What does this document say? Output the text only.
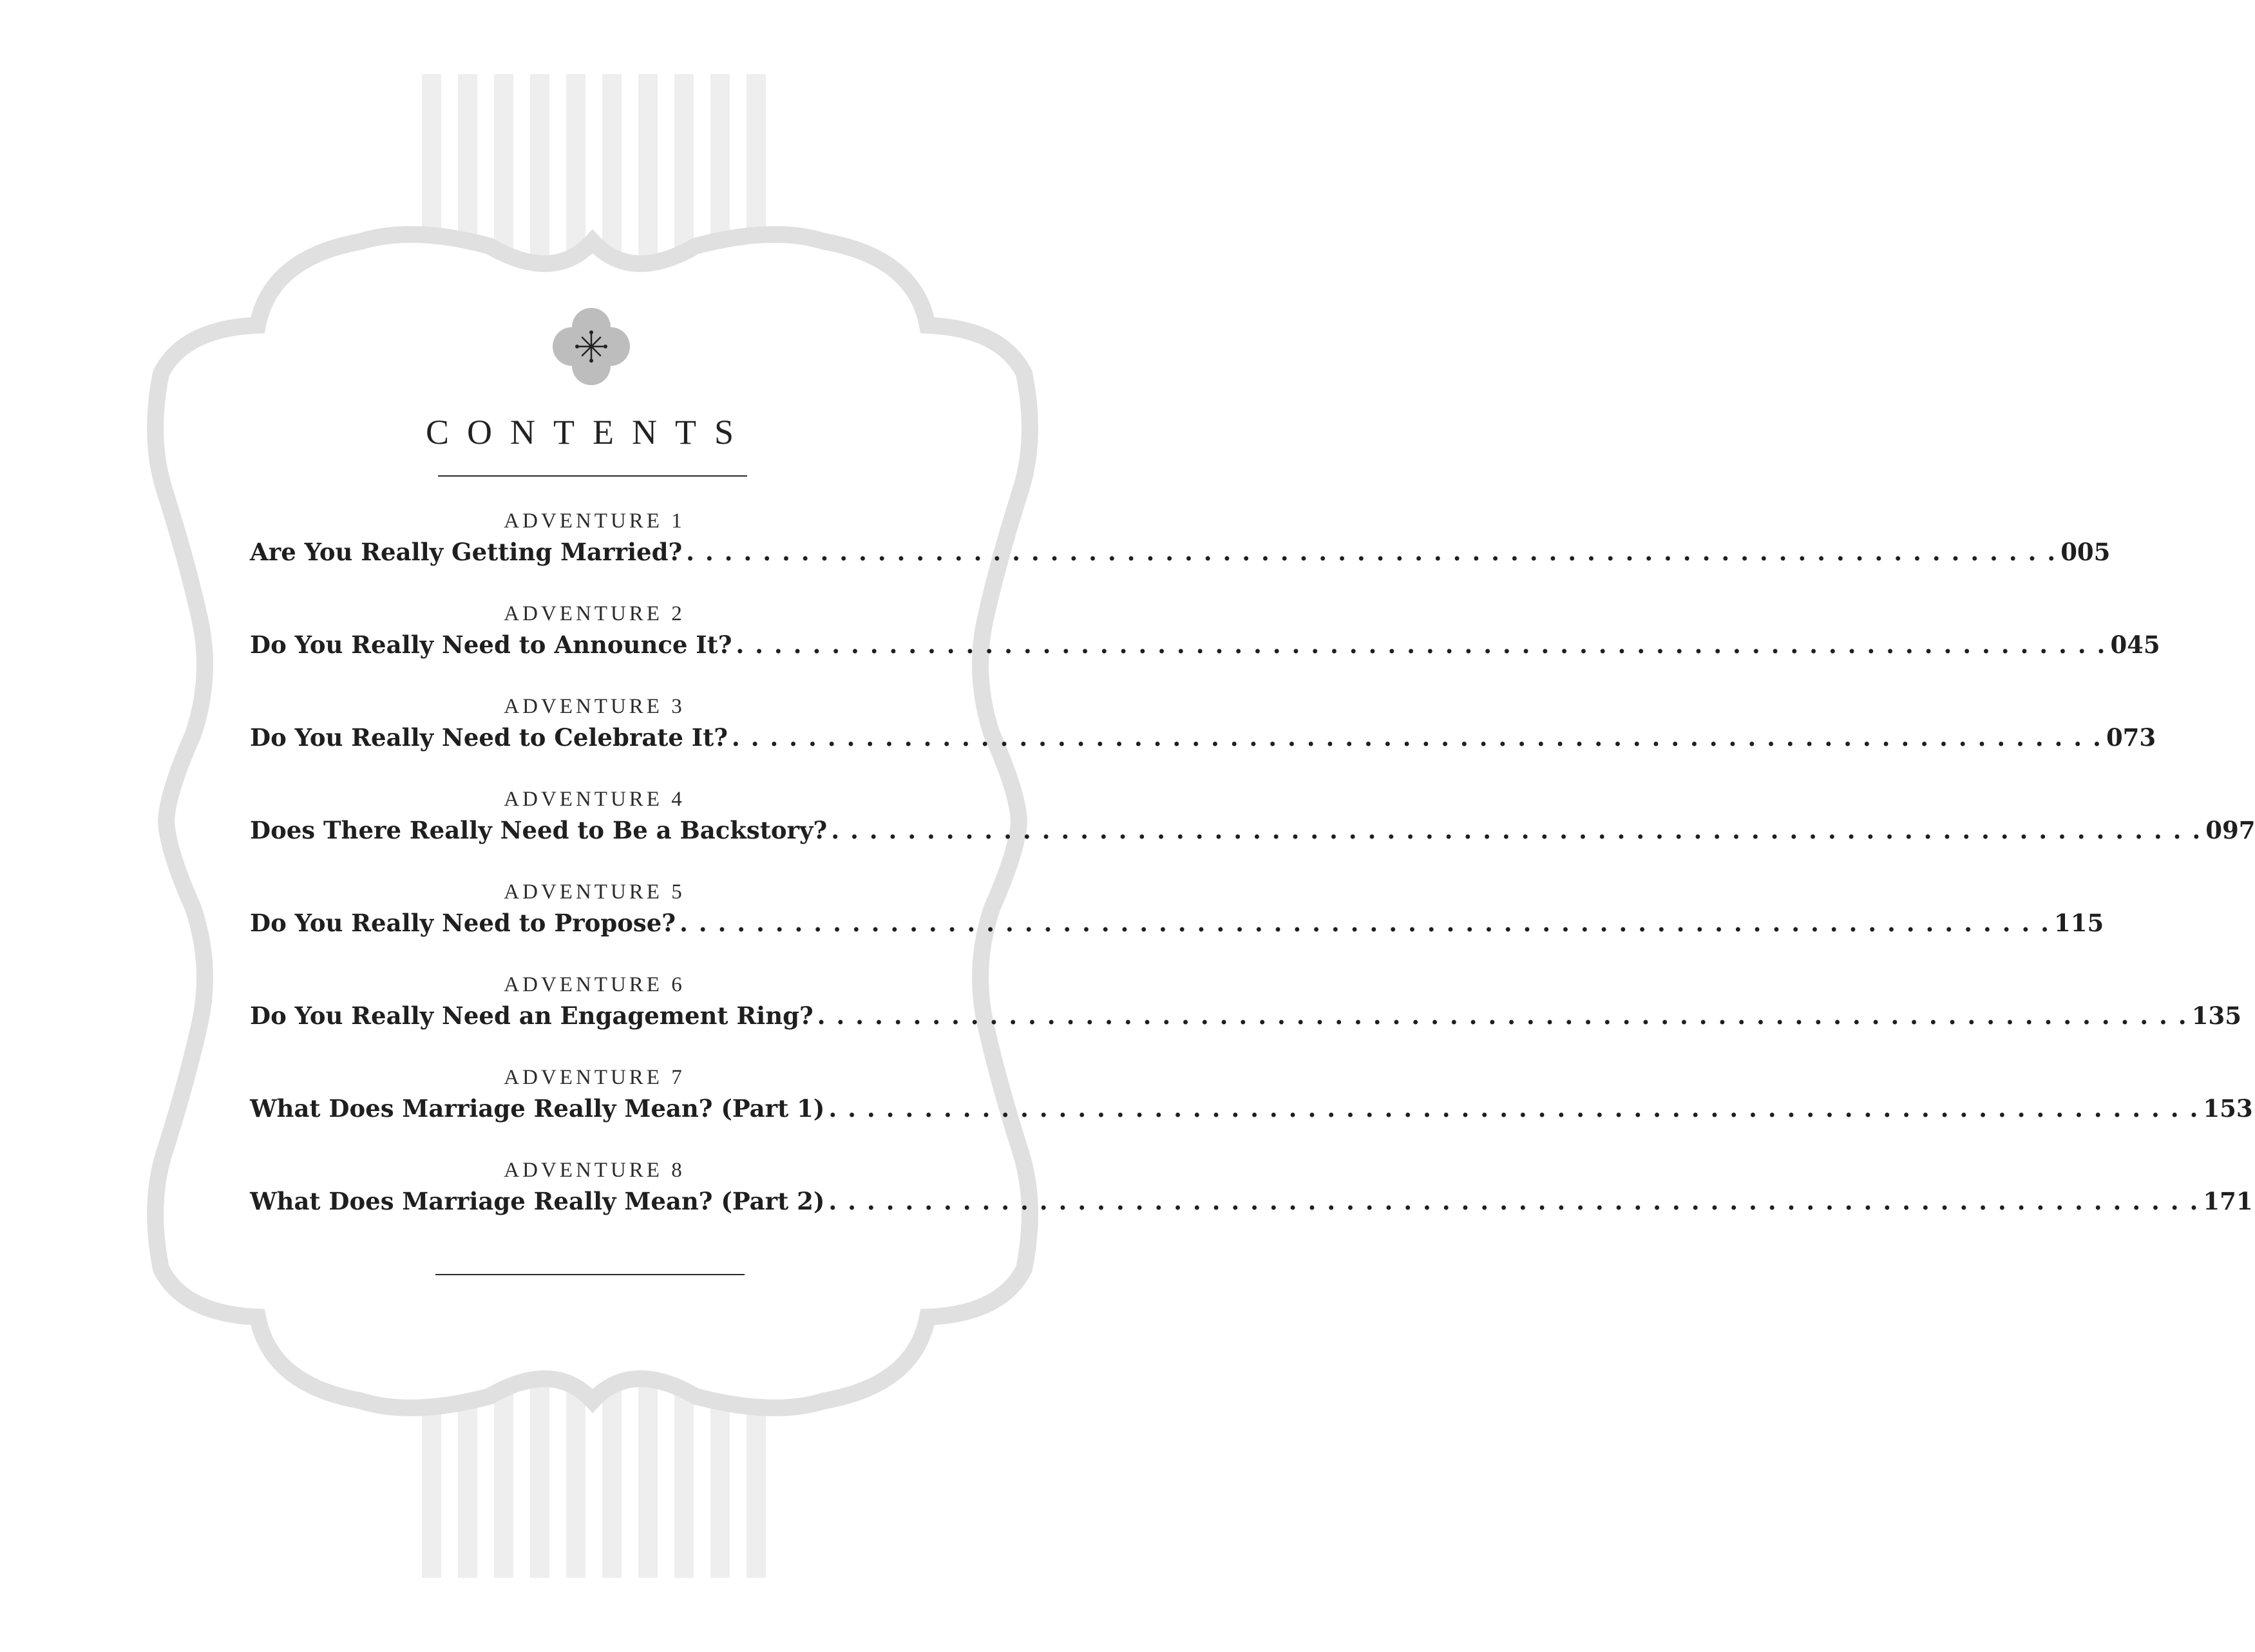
CONTENTS
ADVENTURE 1
Are You Really Getting Married? . . . . . . . . . . . . . . . . . . . . . . . . . . . . . . . . . . . . . . . . . . . . . . . . . . . . . . . . . . . . . . . . . . . . . . . . 005
ADVENTURE 2
Do You Really Need to Announce It? . . . . . . . . . . . . . . . . . . . . . . . . . . . . . . . . . . . . . . . . . . . . . . . . . . . . . . . . . . . . . . . . . . . . . . . . 045
ADVENTURE 3
Do You Really Need to Celebrate It? . . . . . . . . . . . . . . . . . . . . . . . . . . . . . . . . . . . . . . . . . . . . . . . . . . . . . . . . . . . . . . . . . . . . . . . . 073
ADVENTURE 4
Does There Really Need to Be a Backstory? . . . . . . . . . . . . . . . . . . . . . . . . . . . . . . . . . . . . . . . . . . . . . . . . . . . . . . . . . . . . . . . . . . . . . . . . 097
ADVENTURE 5
Do You Really Need to Propose? . . . . . . . . . . . . . . . . . . . . . . . . . . . . . . . . . . . . . . . . . . . . . . . . . . . . . . . . . . . . . . . . . . . . . . . . 115
ADVENTURE 6
Do You Really Need an Engagement Ring? . . . . . . . . . . . . . . . . . . . . . . . . . . . . . . . . . . . . . . . . . . . . . . . . . . . . . . . . . . . . . . . . . . . . . . . . 135
ADVENTURE 7
What Does Marriage Really Mean? (Part 1) . . . . . . . . . . . . . . . . . . . . . . . . . . . . . . . . . . . . . . . . . . . . . . . . . . . . . . . . . . . . . . . . . . . . . . . . 153
ADVENTURE 8
What Does Marriage Really Mean? (Part 2) . . . . . . . . . . . . . . . . . . . . . . . . . . . . . . . . . . . . . . . . . . . . . . . . . . . . . . . . . . . . . . . . . . . . . . . . 171
